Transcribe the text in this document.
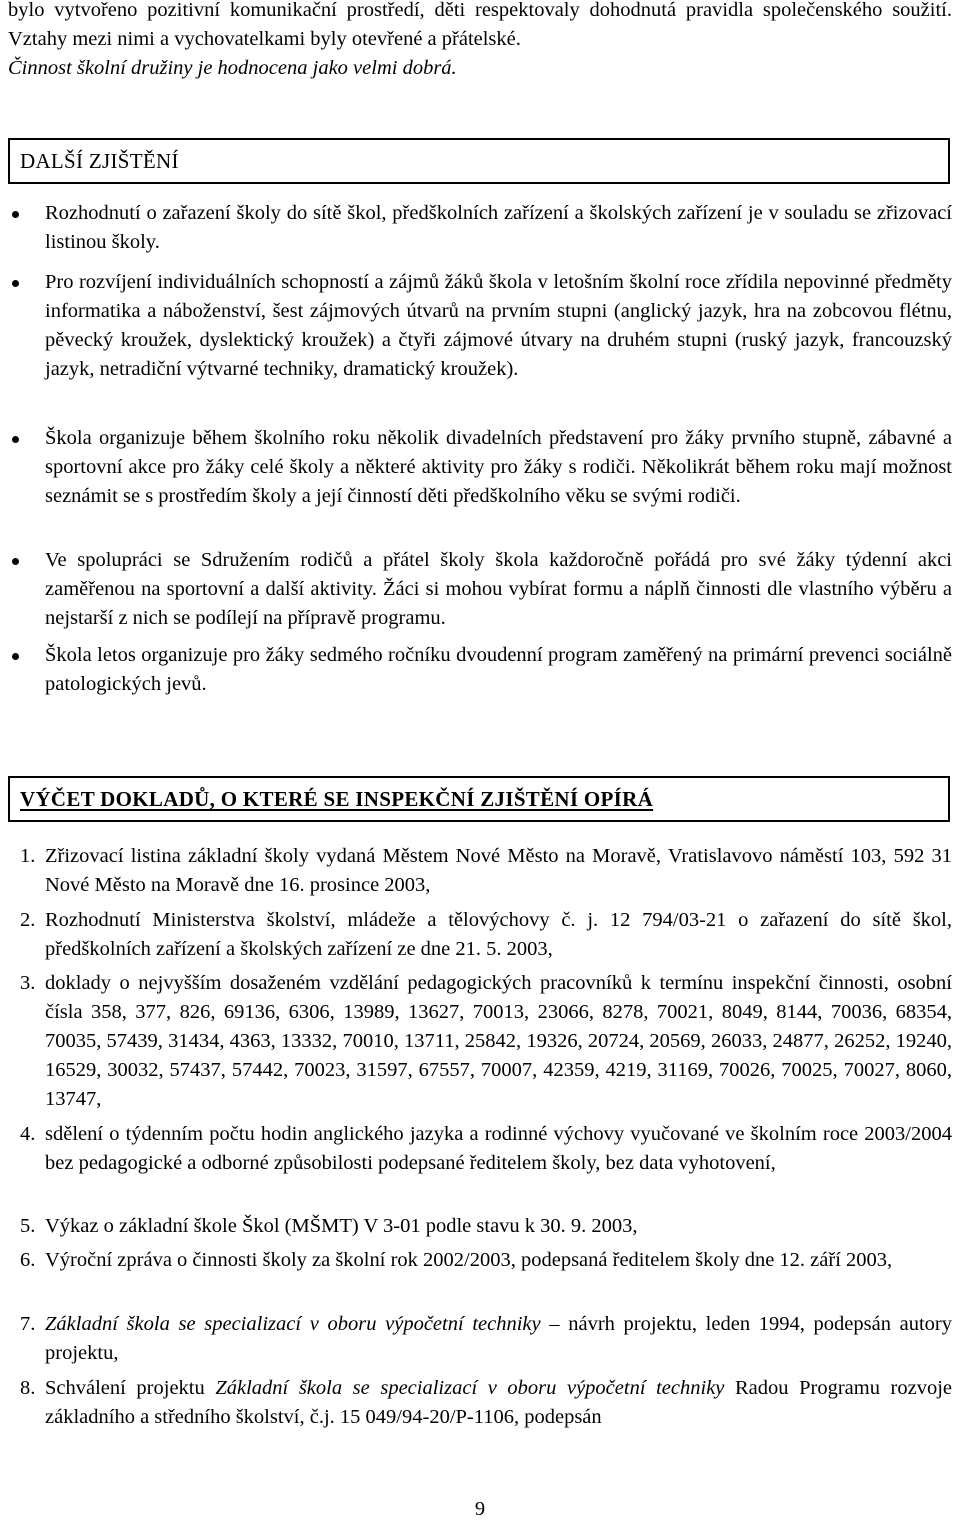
bylo vytvořeno pozitivní komunikační prostředí, děti respektovaly dohodnutá pravidla společenského soužití. Vztahy mezi nimi a vychovatelkami byly otevřené a přátelské.

Činnost školní družiny je hodnocena jako velmi dobrá.

DALŠÍ ZJIŠTĚNÍ

Rozhodnutí o zařazení školy do sítě škol, předškolních zařízení a školských zařízení je v souladu se zřizovací listinou školy.

Pro rozvíjení individuálních schopností a zájmů žáků škola v letošním školní roce zřídila nepovinné předměty informatika a náboženství, šest zájmových útvarů na prvním stupni (anglický jazyk, hra na zobcovou flétnu, pěvecký kroužek, dyslektický kroužek) a čtyři zájmové útvary na druhém stupni (ruský jazyk, francouzský jazyk, netradiční výtvarné techniky, dramatický kroužek).

Škola organizuje během školního roku několik divadelních představení pro žáky prvního stupně, zábavné a sportovní akce pro žáky celé školy a některé aktivity pro žáky s rodiči. Několikrát během roku mají možnost seznámit se s prostředím školy a její činností děti předškolního věku se svými rodiči.

Ve spolupráci se Sdružením rodičů a přátel školy škola každoročně pořádá pro své žáky týdenní akci zaměřenou na sportovní a další aktivity. Žáci si mohou vybírat formu a náplň činnosti dle vlastního výběru a nejstarší z nich se podílejí na přípravě programu.

Škola letos organizuje pro žáky sedmého ročníku dvoudenní program zaměřený na primární prevenci sociálně patologických jevů.

VÝČET DOKLADŮ, O KTERÉ SE INSPEKČNÍ ZJIŠTĚNÍ OPÍRÁ
1. Zřizovací listina základní školy vydaná Městem Nové Město na Moravě, Vratislavovo náměstí 103, 592 31 Nové Město na Moravě dne 16. prosince 2003,

2. Rozhodnutí Ministerstva školství, mládeže a tělovýchovy č. j. 12 794/03-21 o zařazení do sítě škol, předškolních zařízení a školských zařízení ze dne 21. 5. 2003,

3. doklady o nejvyšším dosaženém vzdělání pedagogických pracovníků k termínu inspekční činnosti, osobní čísla 358, 377, 826, 69136, 6306, 13989, 13627, 70013, 23066, 8278, 70021, 8049, 8144, 70036, 68354, 70035, 57439, 31434, 4363, 13332, 70010, 13711, 25842, 19326, 20724, 20569, 26033, 24877, 26252, 19240, 16529, 30032, 57437, 57442, 70023, 31597, 67557, 70007, 42359, 4219, 31169, 70026, 70025, 70027, 8060, 13747,

4. sdělení o týdenním počtu hodin anglického jazyka a rodinné výchovy vyučované ve školním roce 2003/2004 bez pedagogické a odborné způsobilosti podepsané ředitelem školy, bez data vyhotovení,

5. Výkaz o základní škole Škol (MŠMT) V 3-01 podle stavu k 30. 9. 2003,

6. Výroční zpráva o činnosti školy za školní rok 2002/2003, podepsaná ředitelem školy dne 12. září 2003,

7. Základní škola se specializací v oboru výpočetní techniky – návrh projektu, leden 1994, podepsán autory projektu,

8. Schválení projektu Základní škola se specializací v oboru výpočetní techniky Radou Programu rozvoje základního a středního školství, č.j. 15 049/94-20/P-1106, podepsán

9
